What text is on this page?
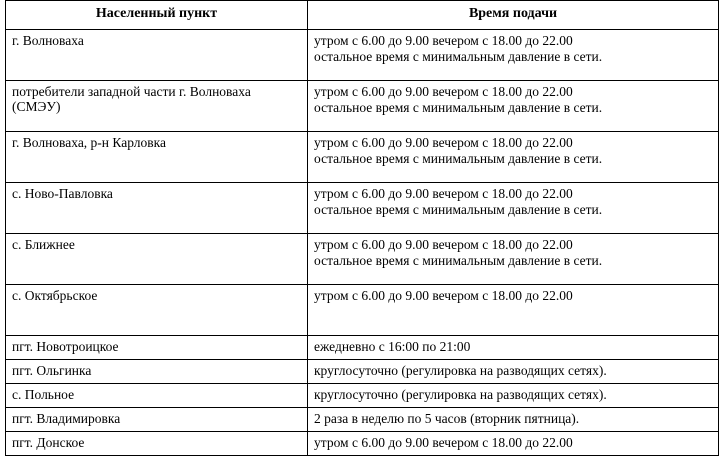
Населенный пункт	Время подачи

г. Волноваха	утром с 6.00 до 9.00 вечером с 18.00 до 22.00
остальное время с минимальным давление в сети.

потребители западной части г. Волноваха (СМЭУ)	утром с 6.00 до 9.00 вечером с 18.00 до 22.00
остальное время с минимальным давление в сети.

г. Волноваха, р-н Карловка	утром с 6.00 до 9.00 вечером с 18.00 до 22.00
остальное время с минимальным давление в сети.

с. Ново-Павловка	утром с 6.00 до 9.00 вечером с 18.00 до 22.00
остальное время с минимальным давление в сети.

с. Ближнее	утром с 6.00 до 9.00 вечером с 18.00 до 22.00
остальное время с минимальным давление в сети.

с. Октябрьское	утром с 6.00 до 9.00 вечером с 18.00 до 22.00

пгт. Новотроицкое	ежедневно с 16:00 по 21:00

пгт. Ольгинка	круглосуточно (регулировка на разводящих сетях).

с. Польное	круглосуточно (регулировка на разводящих сетях).

пгт. Владимировка	2 раза в неделю по 5 часов (вторник пятница).

пгт. Донское	утром с 6.00 до 9.00 вечером с 18.00 до 22.00
